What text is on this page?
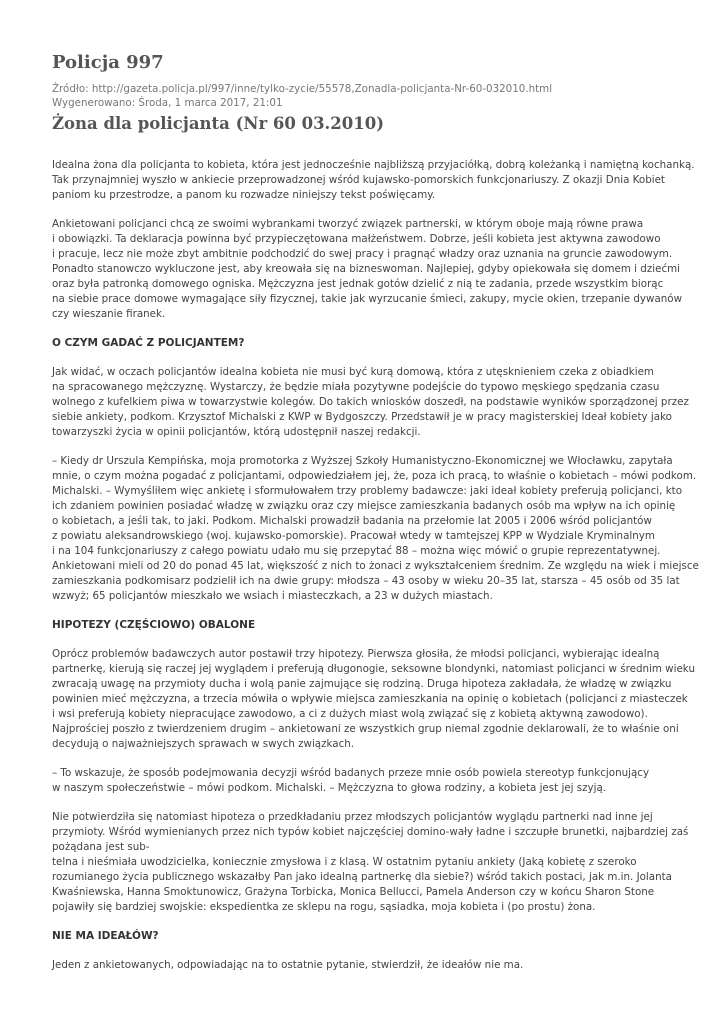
Policja 997
Źródło: http://gazeta.policja.pl/997/inne/tylko-zycie/55578,Zonadla-policjanta-Nr-60-032010.html
Wygenerowano: Środa, 1 marca 2017, 21:01
Żona dla policjanta (Nr 60 03.2010)
Idealna żona dla policjanta to kobieta, która jest jednocześnie najbliższą przyjaciółką, dobrą koleżanką i namiętną kochanką.
Tak przynajmniej wyszło w ankiecie przeprowadzonej wśród kujawsko-pomorskich funkcjonariuszy. Z okazji Dnia Kobiet
paniom ku przestrodze, a panom ku rozwadze niniejszy tekst poświęcamy.
Ankietowani policjanci chcą ze swoimi wybrankami tworzyć związek partnerski, w którym oboje mają równe prawa
i obowiązki. Ta deklaracja powinna być przypieczętowana małżeństwem. Dobrze, jeśli kobieta jest aktywna zawodowo
i pracuje, lecz nie może zbyt ambitnie podchodzić do swej pracy i pragnąć władzy oraz uznania na gruncie zawodowym.
Ponadto stanowczo wykluczone jest, aby kreowała się na bizneswoman. Najlepiej, gdyby opiekowała się domem i dziećmi
oraz była patronką domowego ogniska. Mężczyzna jest jednak gotów dzielić z nią te zadania, przede wszystkim biorąc
na siebie prace domowe wymagające siły fizycznej, takie jak wyrzucanie śmieci, zakupy, mycie okien, trzepanie dywanów
czy wieszanie firanek.
O CZYM GADAĆ Z POLICJANTEM?
Jak widać, w oczach policjantów idealna kobieta nie musi być kurą domową, która z utęsknieniem czeka z obiadkiem
na spracowanego mężczyznę. Wystarczy, że będzie miała pozytywne podejście do typowo męskiego spędzania czasu
wolnego z kufelkiem piwa w towarzystwie kolegów. Do takich wniosków doszedł, na podstawie wyników sporządzonej przez
siebie ankiety, podkom. Krzysztof Michalski z KWP w Bydgoszczy. Przedstawił je w pracy magisterskiej Ideał kobiety jako
towarzyszki życia w opinii policjantów, którą udostępnił naszej redakcji.
– Kiedy dr Urszula Kempińska, moja promotorka z Wyższej Szkoły Humanistyczno-Ekonomicznej we Włocławku, zapytała
mnie, o czym można pogadać z policjantami, odpowiedziałem jej, że, poza ich pracą, to właśnie o kobietach – mówi podkom.
Michalski. – Wymyśliłem więc ankietę i sformułowałem trzy problemy badawcze: jaki ideał kobiety preferują policjanci, kto
ich zdaniem powinien posiadać władzę w związku oraz czy miejsce zamieszkania badanych osób ma wpływ na ich opinię
o kobietach, a jeśli tak, to jaki. Podkom. Michalski prowadził badania na przełomie lat 2005 i 2006 wśród policjantów
z powiatu aleksandrowskiego (woj. kujawsko-pomorskie). Pracował wtedy w tamtejszej KPP w Wydziale Kryminalnym
i na 104 funkcjonariuszy z całego powiatu udało mu się przepytać 88 – można więc mówić o grupie reprezentatywnej.
Ankietowani mieli od 20 do ponad 45 lat, większość z nich to żonaci z wykształceniem średnim. Ze względu na wiek i miejsce
zamieszkania podkomisarz podzielił ich na dwie grupy: młodsza – 43 osoby w wieku 20–35 lat, starsza – 45 osób od 35 lat
wzwyż; 65 policjantów mieszkało we wsiach i miasteczkach, a 23 w dużych miastach.
HIPOTEZY (CZĘŚCIOWO) OBALONE
Oprócz problemów badawczych autor postawił trzy hipotezy. Pierwsza głosiła, że młodsi policjanci, wybierając idealną
partnerkę, kierują się raczej jej wyglądem i preferują długonogie, seksowne blondynki, natomiast policjanci w średnim wieku
zwracają uwagę na przymioty ducha i wolą panie zajmujące się rodziną. Druga hipoteza zakładała, że władzę w związku
powinien mieć mężczyzna, a trzecia mówiła o wpływie miejsca zamieszkania na opinię o kobietach (policjanci z miasteczek
i wsi preferują kobiety niepracujące zawodowo, a ci z dużych miast wolą związać się z kobietą aktywną zawodowo).
Najprościej poszło z twierdzeniem drugim – ankietowani ze wszystkich grup niemal zgodnie deklarowali, że to właśnie oni
decydują o najważniejszych sprawach w swych związkach.
– To wskazuje, że sposób podejmowania decyzji wśród badanych przeze mnie osób powiela stereotyp funkcjonujący
w naszym społeczeństwie – mówi podkom. Michalski. – Mężczyzna to głowa rodziny, a kobieta jest jej szyją.
Nie potwierdziła się natomiast hipoteza o przedkładaniu przez młodszych policjantów wyglądu partnerki nad inne jej
przymioty. Wśród wymienianych przez nich typów kobiet najczęściej domino-wały ładne i szczupłe brunetki, najbardziej zaś
pożądana jest sub-
telna i nieśmiała uwodzicielka, koniecznie zmysłowa i z klasą. W ostatnim pytaniu ankiety (Jaką kobietę z szeroko
rozumianego życia publicznego wskazałby Pan jako idealną partnerkę dla siebie?) wśród takich postaci, jak m.in. Jolanta
Kwaśniewska, Hanna Smoktunowicz, Grażyna Torbicka, Monica Bellucci, Pamela Anderson czy w końcu Sharon Stone
pojawiły się bardziej swojskie: ekspedientka ze sklepu na rogu, sąsiadka, moja kobieta i (po prostu) żona.
NIE MA IDEAŁÓW?
Jeden z ankietowanych, odpowiadając na to ostatnie pytanie, stwierdził, że ideałów nie ma.
